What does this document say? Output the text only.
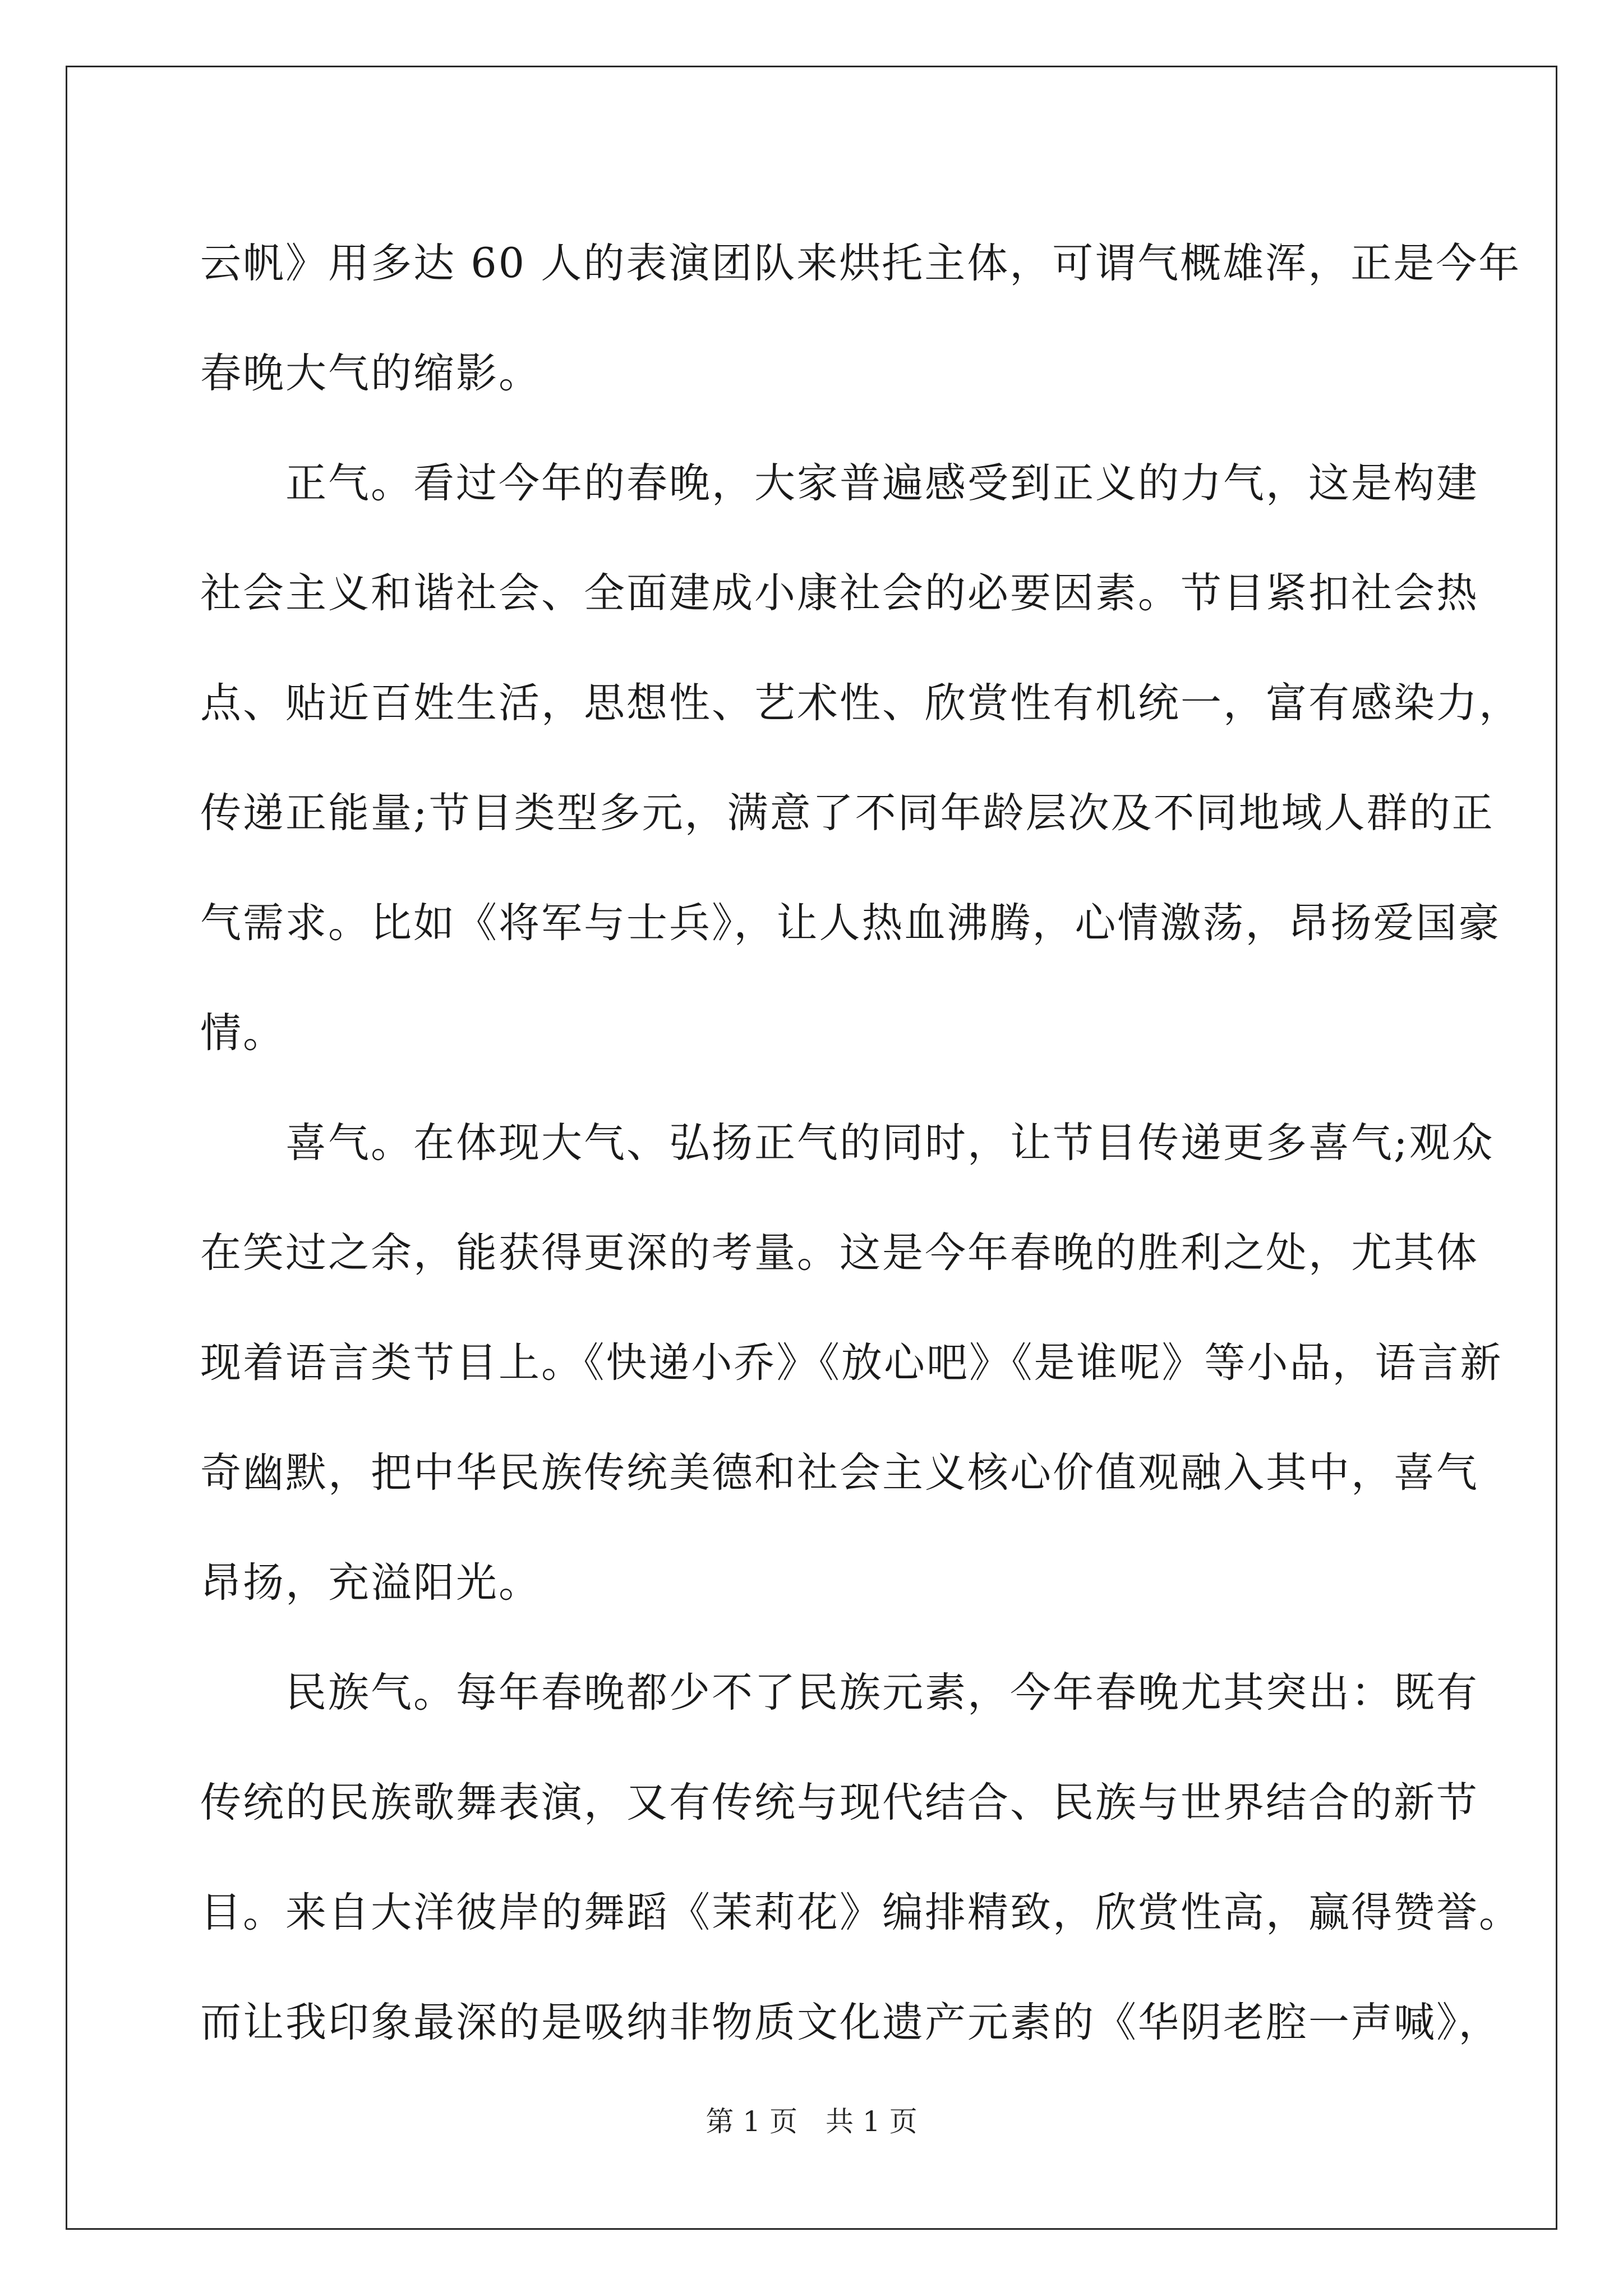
云帆》用多达 60 人的表演团队来烘托主体，可谓气概雄浑，正是今年
春晚大气的缩影。

正气。看过今年的春晚，大家普遍感受到正义的力气，这是构建
社会主义和谐社会、全面建成小康社会的必要因素。节目紧扣社会热
点、贴近百姓生活，思想性、艺术性、欣赏性有机统一，富有感染力，
传递正能量;节目类型多元，满意了不同年龄层次及不同地域人群的正
气需求。比如《将军与士兵》，让人热血沸腾，心情激荡，昂扬爱国豪
情。

喜气。在体现大气、弘扬正气的同时，让节目传递更多喜气;观众
在笑过之余，能获得更深的考量。这是今年春晚的胜利之处，尤其体
现着语言类节目上。《快递小乔》《放心吧》《是谁呢》等小品，语言新
奇幽默，把中华民族传统美德和社会主义核心价值观融入其中，喜气
昂扬，充溢阳光。

民族气。每年春晚都少不了民族元素，今年春晚尤其突出：既有
传统的民族歌舞表演，又有传统与现代结合、民族与世界结合的新节
目。来自大洋彼岸的舞蹈《茉莉花》编排精致，欣赏性高，赢得赞誉。
而让我印象最深的是吸纳非物质文化遗产元素的《华阴老腔一声喊》，

第 1 页 共 1 页
